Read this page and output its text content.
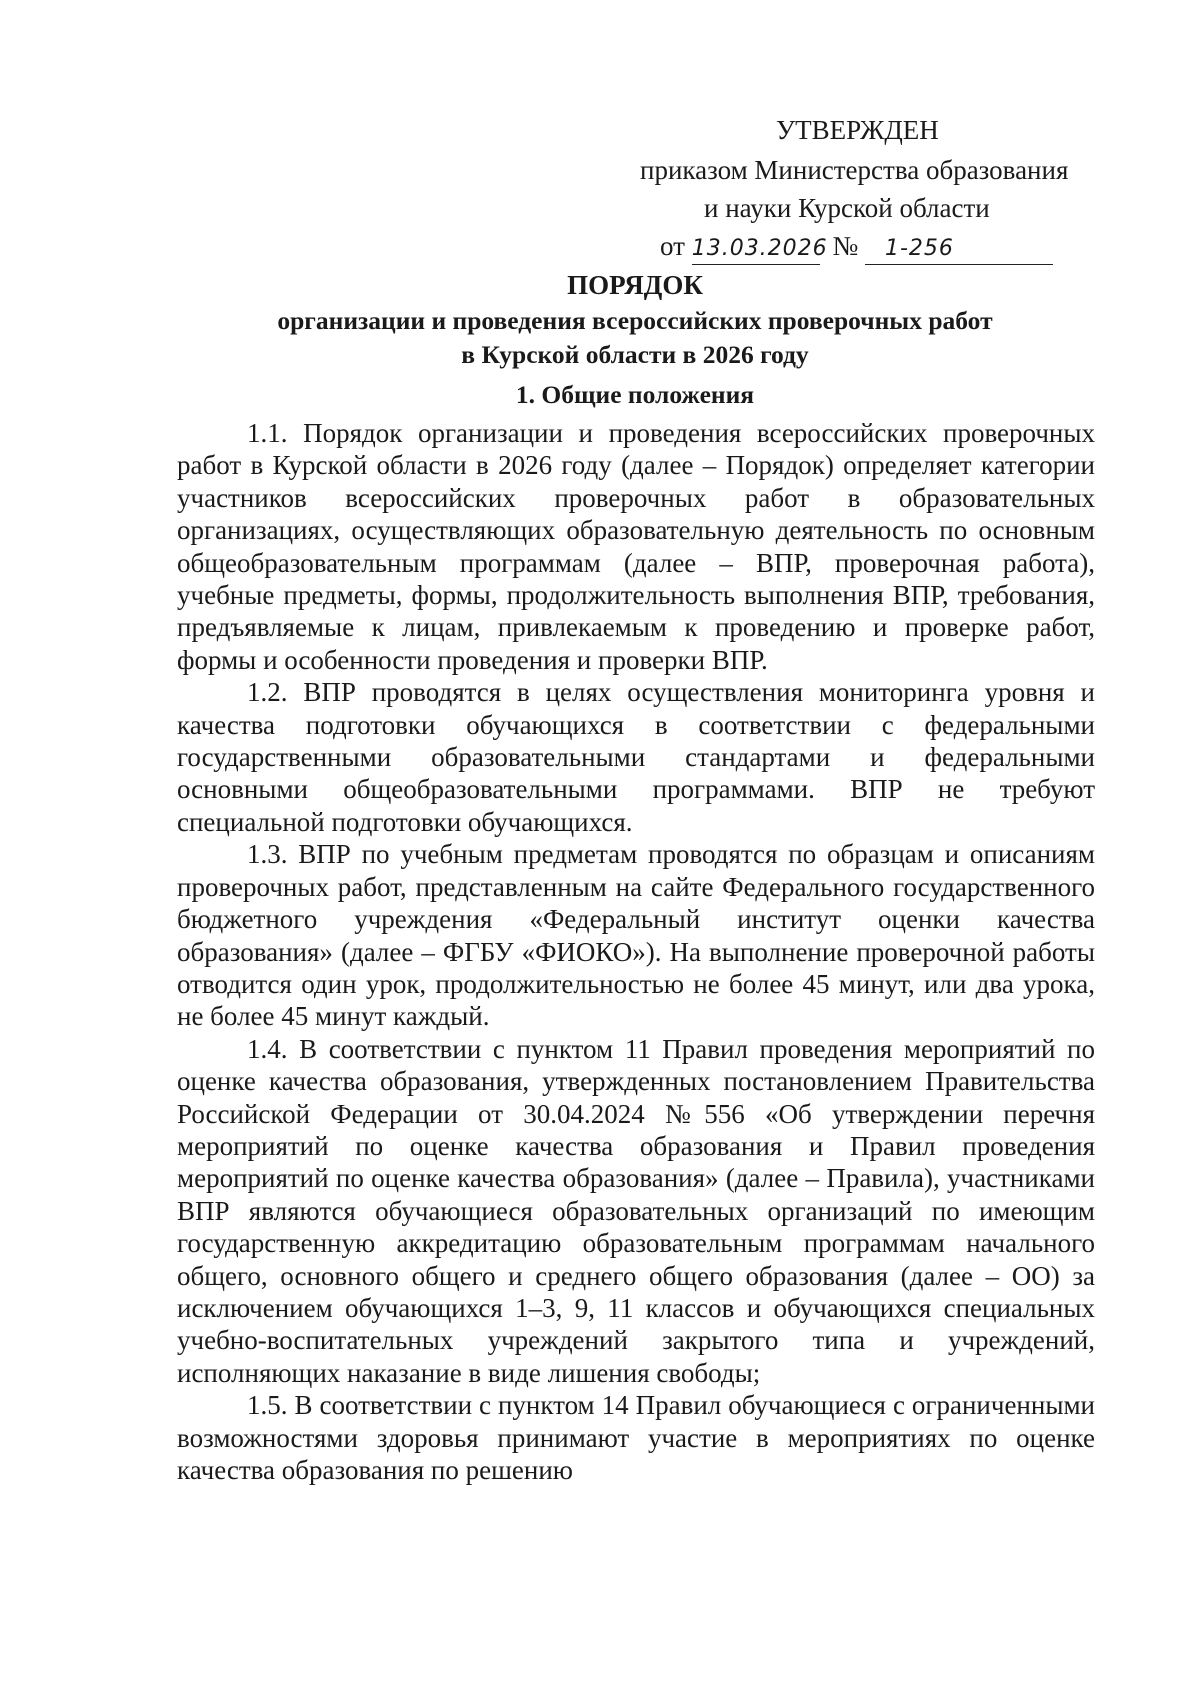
УТВЕРЖДЕН
приказом Министерства образования
и науки Курской области
от 13.03.2026 № 1-256
ПОРЯДОК
организации и проведения всероссийских проверочных работ
в Курской области в 2026 году
1. Общие положения

1.1. Порядок организации и проведения всероссийских проверочных работ в Курской области в 2026 году (далее – Порядок) определяет категории участников всероссийских проверочных работ в образовательных организациях, осуществляющих образовательную деятельность по основным общеобразовательным программам (далее – ВПР, проверочная работа), учебные предметы, формы, продолжительность выполнения ВПР, требования, предъявляемые к лицам, привлекаемым к проведению и проверке работ, формы и особенности проведения и проверки ВПР.

1.2. ВПР проводятся в целях осуществления мониторинга уровня и качества подготовки обучающихся в соответствии с федеральными государственными образовательными стандартами и федеральными основными общеобразовательными программами. ВПР не требуют специальной подготовки обучающихся.

1.3. ВПР по учебным предметам проводятся по образцам и описаниям проверочных работ, представленным на сайте Федерального государственного бюджетного учреждения «Федеральный институт оценки качества образования» (далее – ФГБУ «ФИОКО»). На выполнение проверочной работы отводится один урок, продолжительностью не более 45 минут, или два урока, не более 45 минут каждый.

1.4. В соответствии с пунктом 11 Правил проведения мероприятий по оценке качества образования, утвержденных постановлением Правительства Российской Федерации от 30.04.2024 №556 «Об утверждении перечня мероприятий по оценке качества образования и Правил проведения мероприятий по оценке качества образования» (далее – Правила), участниками ВПР являются обучающиеся образовательных организаций по имеющим государственную аккредитацию образовательным программам начального общего, основного общего и среднего общего образования (далее – ОО) за исключением обучающихся 1–3, 9, 11 классов и обучающихся специальных учебно-воспитательных учреждений закрытого типа и учреждений, исполняющих наказание в виде лишения свободы;

1.5. В соответствии с пунктом 14 Правил обучающиеся с ограниченными возможностями здоровья принимают участие в мероприятиях по оценке качества образования по решению
